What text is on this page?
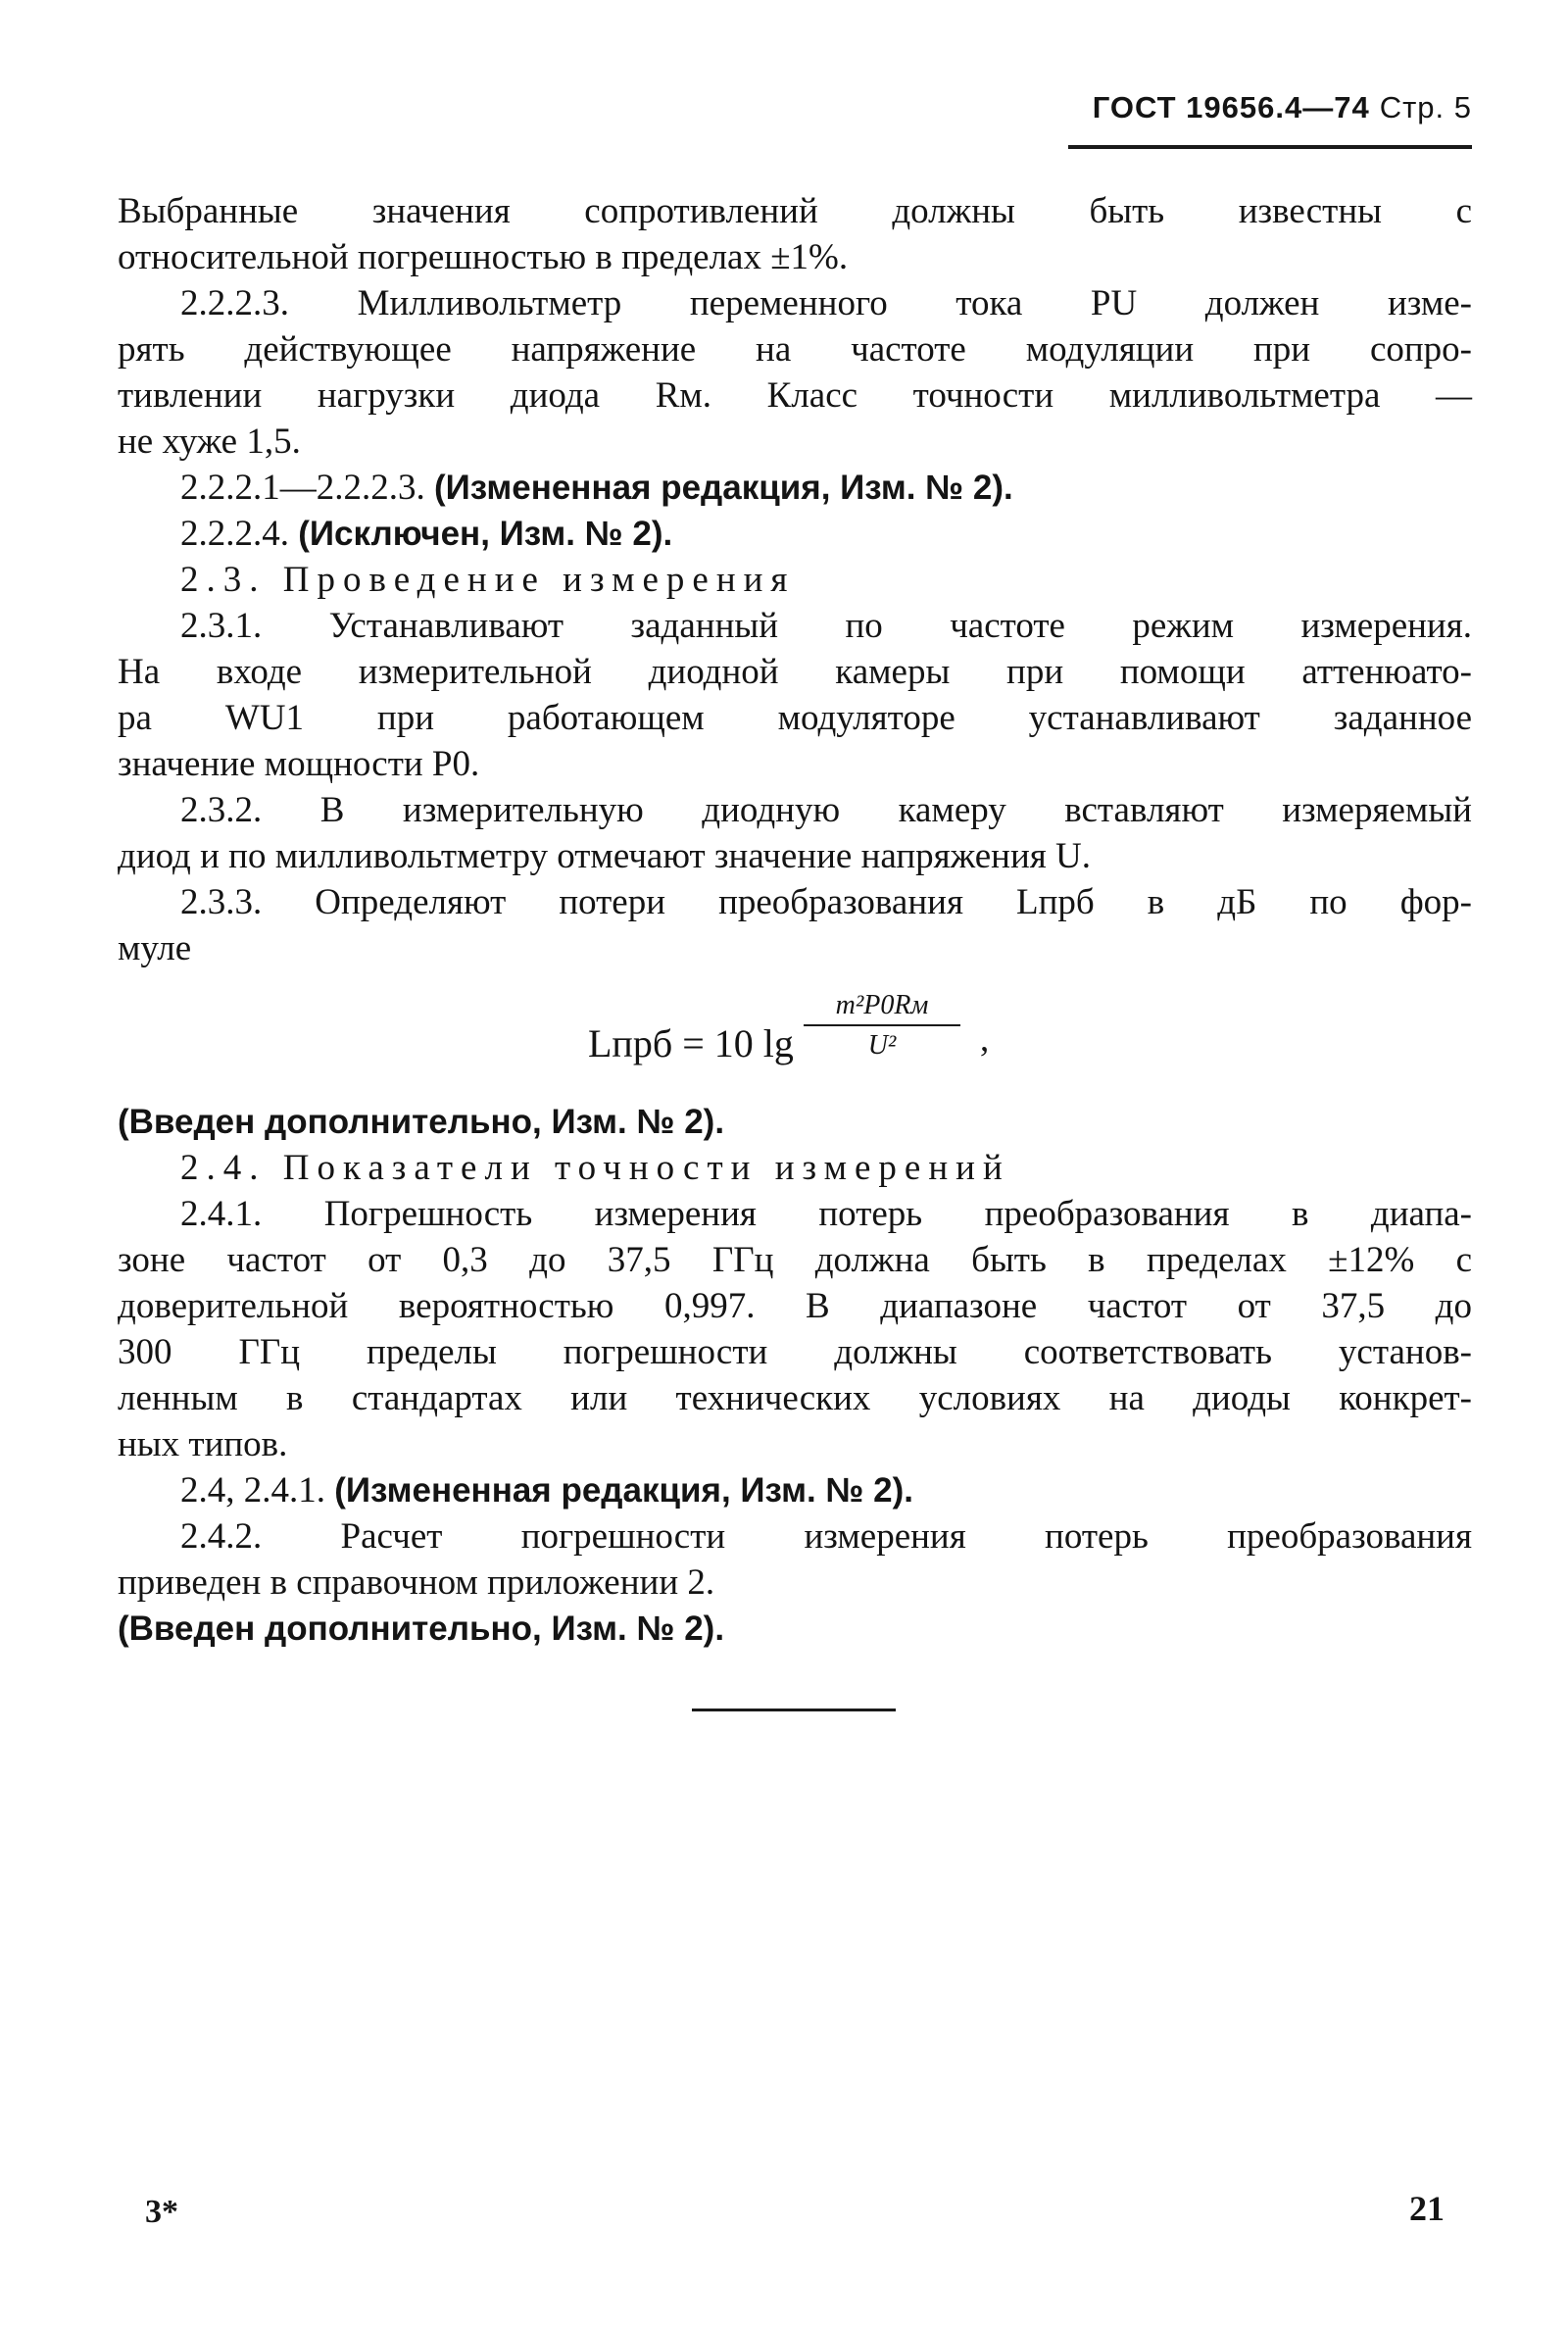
ГОСТ 19656.4—74 Стр. 5
Выбранные значения сопротивлений должны быть известны с
относительной погрешностью в пределах ±1%.
2.2.2.3. Милливольтметр переменного тока PU должен изме-
рять действующее напряжение на частоте модуляции при сопро-
тивлении нагрузки диода Rм. Класс точности милливольтметра —
не хуже 1,5.
2.2.2.1—2.2.2.3. (Измененная редакция, Изм. № 2).
2.2.2.4. (Исключен, Изм. № 2).
2.3. Проведение измерения
2.3.1. Устанавливают заданный по частоте режим измерения.
На входе измерительной диодной камеры при помощи аттенюато-
ра WU1 при работающем модуляторе устанавливают заданное
значение мощности P0.
2.3.2. В измерительную диодную камеру вставляют измеряемый
диод и по милливольтметру отмечают значение напряжения U.
2.3.3. Определяют потери преобразования Lпрб в дБ по фор-
муле
Lпрб = 10 lg
m²P0Rм
U²	,
(Введен дополнительно, Изм. № 2).
2.4. Показатели точности измерений
2.4.1. Погрешность измерения потерь преобразования в диапа-
зоне частот от 0,3 до 37,5 ГГц должна быть в пределах ±12% с
доверительной вероятностью 0,997. В диапазоне частот от 37,5 до
300 ГГц пределы погрешности должны соответствовать установ-
ленным в стандартах или технических условиях на диоды конкрет-
ных типов.
2.4, 2.4.1. (Измененная редакция, Изм. № 2).
2.4.2. Расчет погрешности измерения потерь преобразования
приведен в справочном приложении 2.
(Введен дополнительно, Изм. № 2).
3*	21
